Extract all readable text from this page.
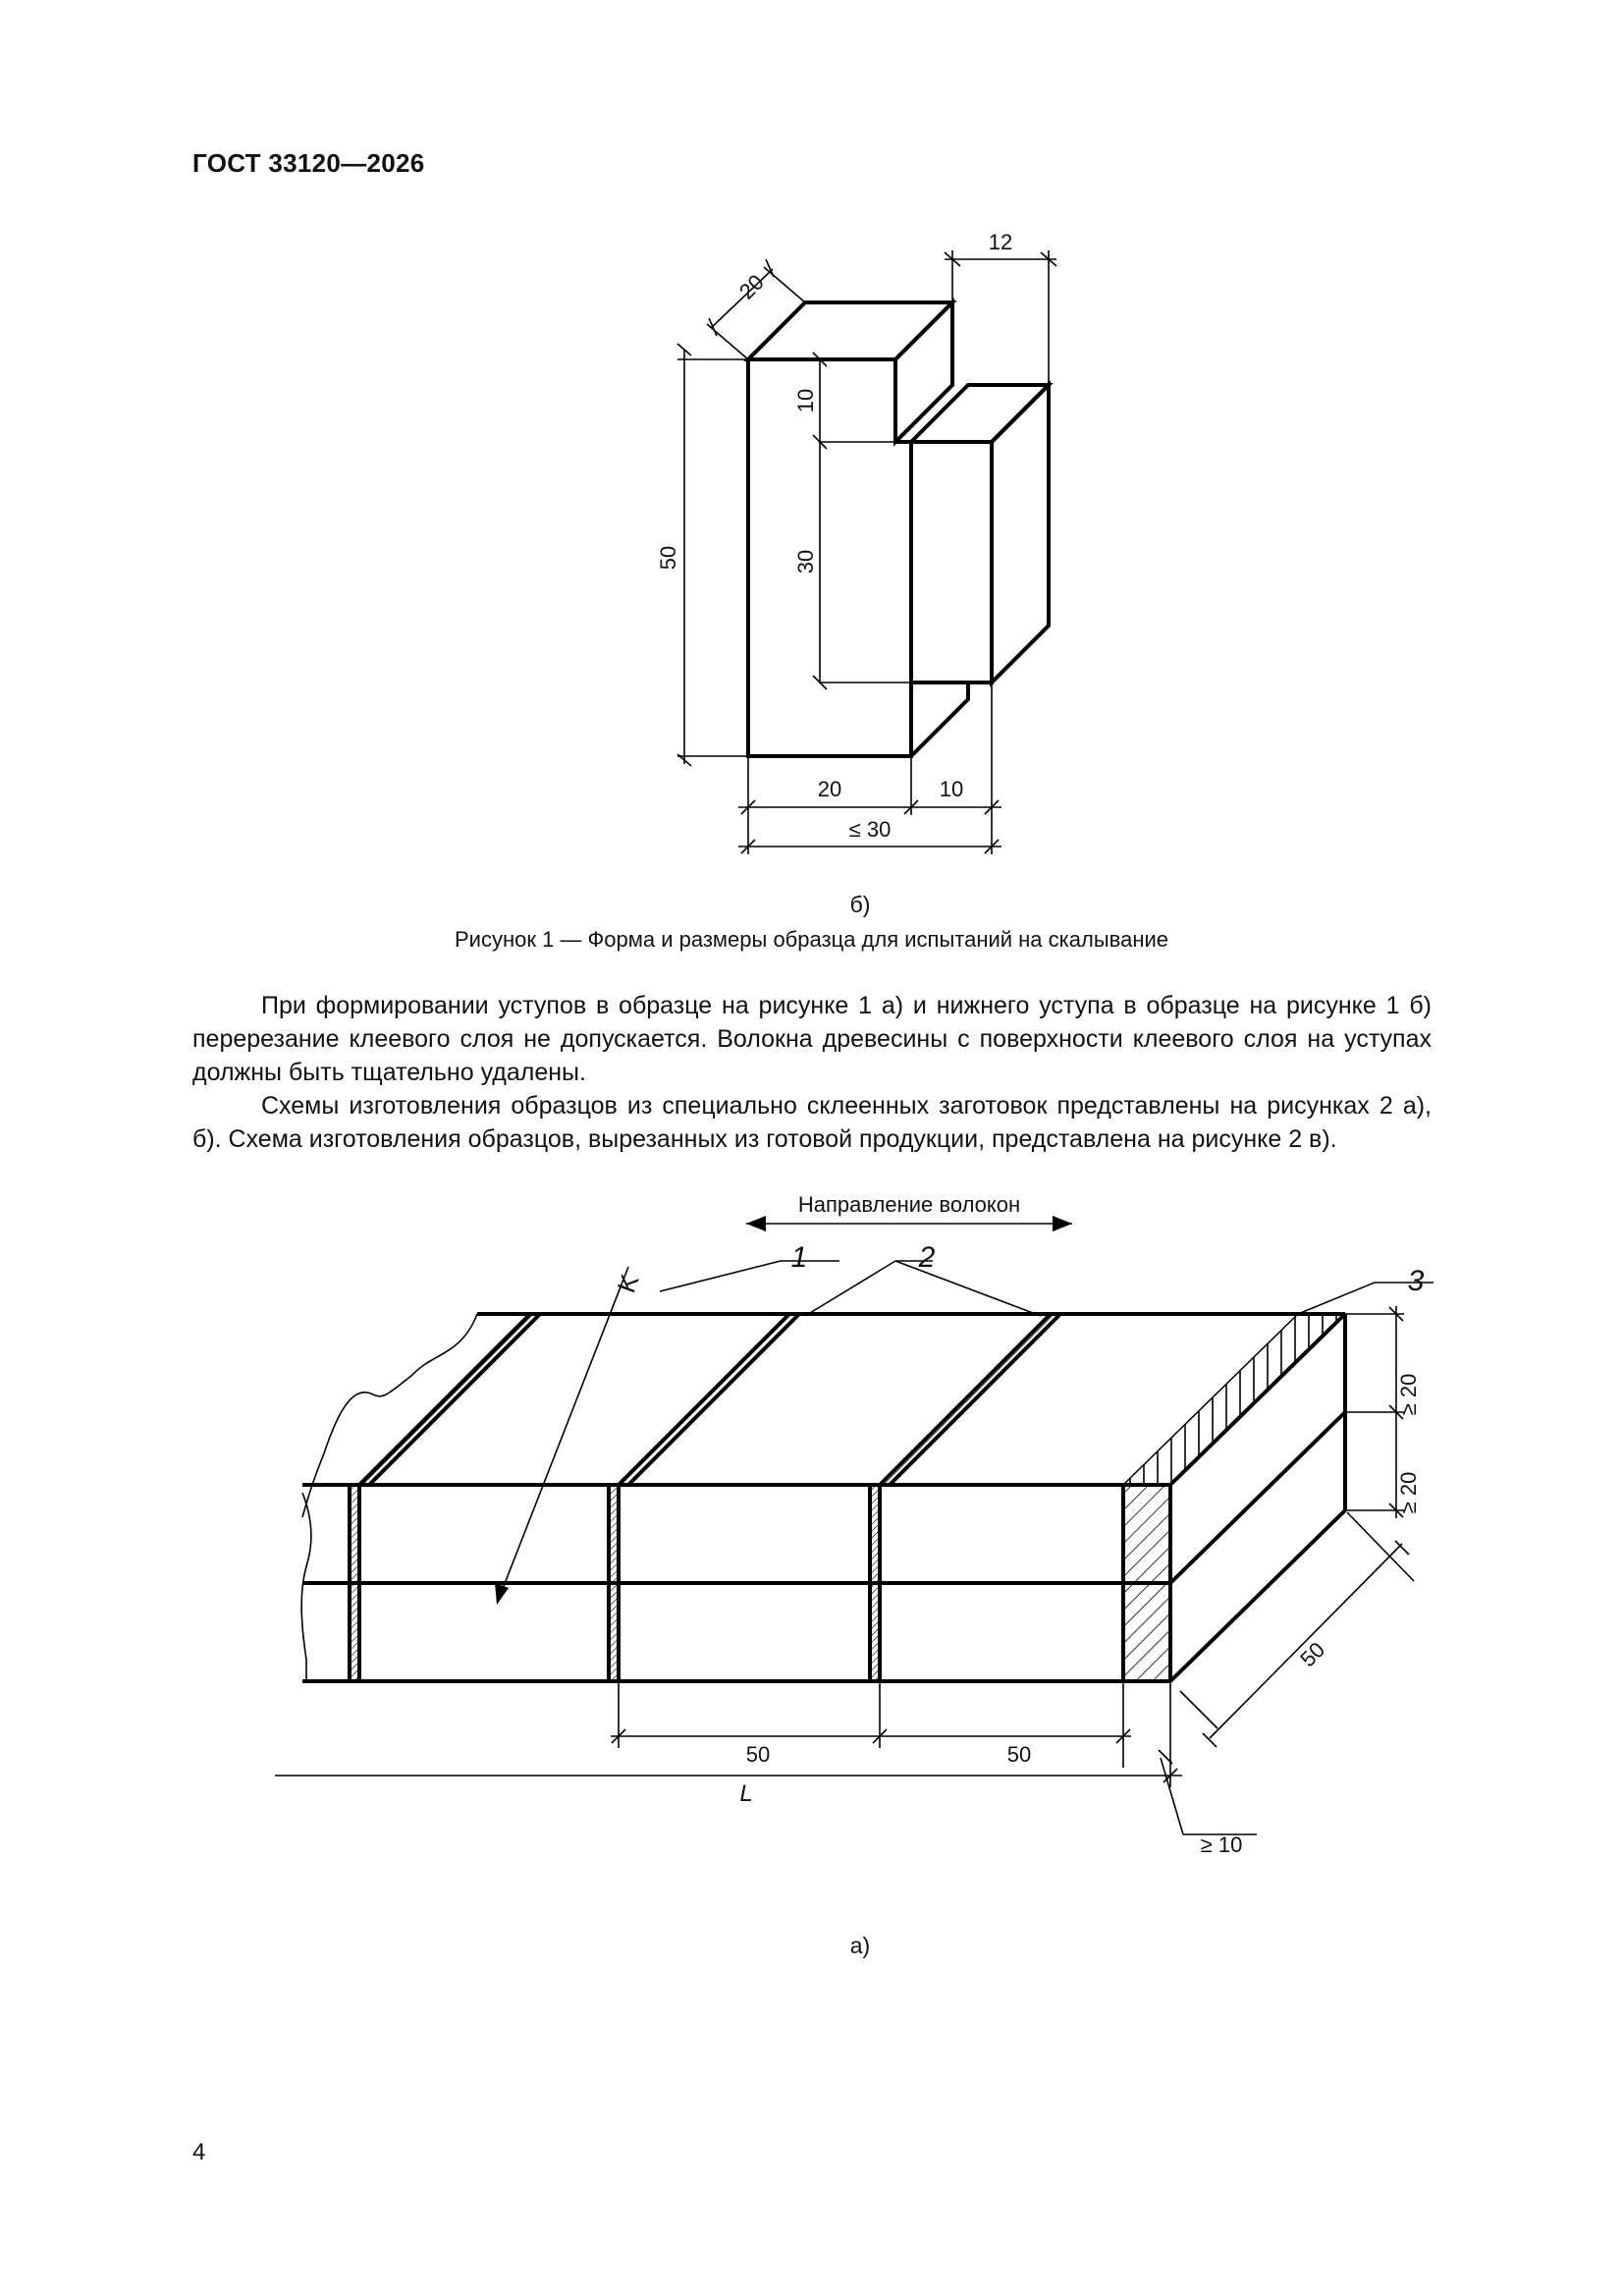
ГОСТ 33120—2026
20
12
10
30
50
20	10
≤ 30
б)
Рисунок 1 — Форма и размеры образца для испытаний на скалывание
При формировании уступов в образце на рисунке 1 а) и нижнего уступа в образце на рисунке 1 б) перерезание клеевого слоя не допускается. Волокна древесины с поверхности клеевого слоя на уступах должны быть тщательно удалены.
Схемы изготовления образцов из специально склеенных заготовок представлены на рисунках 2 а), б). Схема изготовления образцов, вырезанных из готовой продукции, представлена на рисунке 2 в).
Направление волокон
1	2
3
K
≥ 20
≥ 20
50	50
50
L
≥ 10
а)
4
